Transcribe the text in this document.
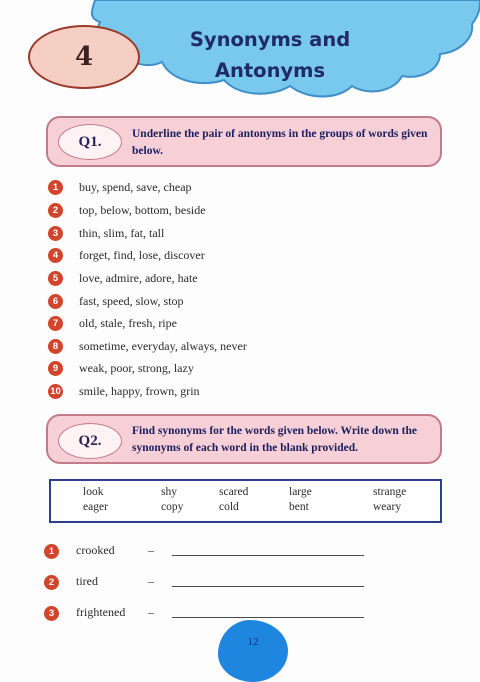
4
Synonyms and
Antonyms
Q1.	Underline the pair of antonyms in the groups of words given below.
1	buy, spend, save, cheap
2	top, below, bottom, beside
3	thin, slim, fat, tall
4	forget, find, lose, discover
5	love, admire, adore, hate
6	fast, speed, slow, stop
7	old, stale, fresh, ripe
8	sometime, everyday, always, never
9	weak, poor, strong, lazy
10 smile, happy, frown, grin
Q2.
Find synonyms for the words given below. Write down the synonyms of each word in the blank provided.
look	shy	scared	large	strange
eager	copy	cold	bent	weary
1	crooked	–
2	tired	–
3	frightened –
12
